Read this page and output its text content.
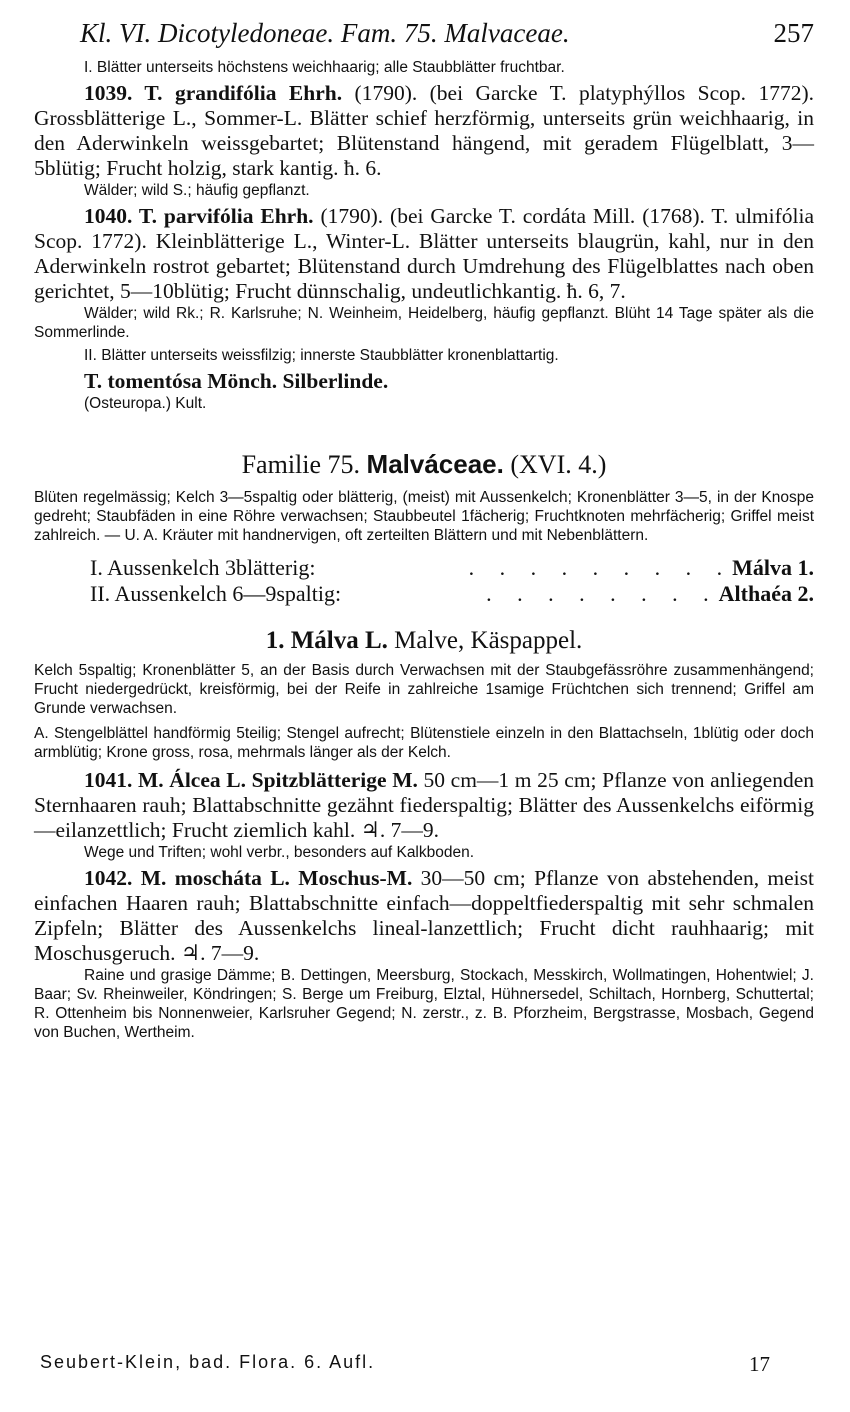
Kl. VI. Dicotyledoneae. Fam. 75. Malvaceae.	257

I. Blätter unterseits höchstens weichhaarig; alle Staubblätter fruchtbar.

1039. T. grandifólia Ehrh. (1790). (bei Garcke T. platyphýllos Scop. 1772). Grossblätterige L., Sommer-L. Blätter schief herzförmig, unterseits grün weichhaarig, in den Aderwinkeln weissgebartet; Blütenstand hängend, mit geradem Flügelblatt, 3—5blütig; Frucht holzig, stark kantig. ħ. 6.

Wälder; wild S.; häufig gepflanzt.

1040. T. parvifólia Ehrh. (1790). (bei Garcke T. cordáta Mill. (1768). T. ulmifólia Scop. 1772). Kleinblätterige L., Winter-L. Blätter unterseits blaugrün, kahl, nur in den Aderwinkeln rostrot gebartet; Blütenstand durch Umdrehung des Flügelblattes nach oben gerichtet, 5—10blütig; Frucht dünnschalig, undeutlichkantig. ħ. 6, 7.

Wälder; wild Rk.; R. Karlsruhe; N. Weinheim, Heidelberg, häufig gepflanzt. Blüht 14 Tage später als die Sommerlinde.

II. Blätter unterseits weissfilzig; innerste Staubblätter kronenblattartig.

T. tomentósa Mönch. Silberlinde.

(Osteuropa.) Kult.

Familie 75. Malváceae. (XVI. 4.)

Blüten regelmässig; Kelch 3—5spaltig oder blätterig, (meist) mit Aussenkelch; Kronenblätter 3—5, in der Knospe gedreht; Staubfäden in eine Röhre verwachsen; Staubbeutel 1fächerig; Fruchtknoten mehrfächerig; Griffel meist zahlreich. — U. A. Kräuter mit handnervigen, oft zerteilten Blättern und mit Nebenblättern.

I. Aussenkelch 3blätterig:	. . . . . . . . . Málva 1.
II. Aussenkelch 6—9spaltig:	. . . . . . . . Althaéa 2.
1. Málva L. Malve, Käspappel.

Kelch 5spaltig; Kronenblätter 5, an der Basis durch Verwachsen mit der Staubgefässröhre zusammenhängend; Frucht niedergedrückt, kreisförmig, bei der Reife in zahlreiche 1samige Früchtchen sich trennend; Griffel am Grunde verwachsen.

A. Stengelblättel handförmig 5teilig; Stengel aufrecht; Blütenstiele einzeln in den Blattachseln, 1blütig oder doch armblütig; Krone gross, rosa, mehrmals länger als der Kelch.

1041. M. Álcea L. Spitzblätterige M. 50 cm—1 m 25 cm; Pflanze von anliegenden Sternhaaren rauh; Blattabschnitte gezähnt fiederspaltig; Blätter des Aussenkelchs eiförmig—eilanzettlich; Frucht ziemlich kahl. ♃. 7—9.

Wege und Triften; wohl verbr., besonders auf Kalkboden.

1042. M. moscháta L. Moschus-M. 30—50 cm; Pflanze von abstehenden, meist einfachen Haaren rauh; Blattabschnitte einfach—doppeltfiederspaltig mit sehr schmalen Zipfeln; Blätter des Aussenkelchs lineal-lanzettlich; Frucht dicht rauhhaarig; mit Moschusgeruch. ♃. 7—9.

Raine und grasige Dämme; B. Dettingen, Meersburg, Stockach, Messkirch, Wollmatingen, Hohentwiel; J. Baar; Sv. Rheinweiler, Köndringen; S. Berge um Freiburg, Elztal, Hühnersedel, Schiltach, Hornberg, Schuttertal; R. Ottenheim bis Nonnenweier, Karlsruher Gegend; N. zerstr., z. B. Pforzheim, Bergstrasse, Mosbach, Gegend von Buchen, Wertheim.

Seubert-Klein, bad. Flora. 6. Aufl.	17
